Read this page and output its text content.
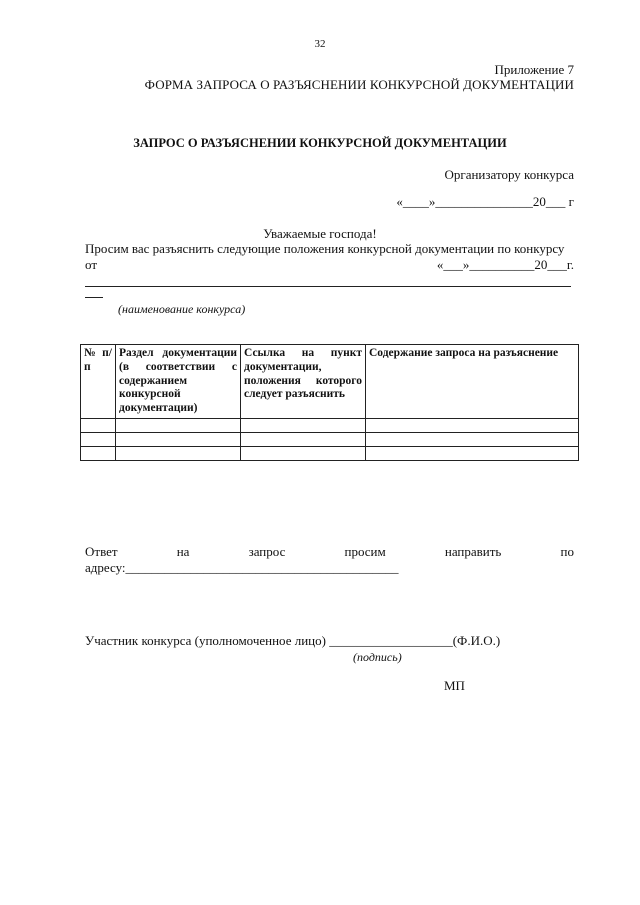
32
Приложение 7
ФОРМА ЗАПРОСА О РАЗЪЯСНЕНИИ КОНКУРСНОЙ ДОКУМЕНТАЦИИ
ЗАПРОС О РАЗЪЯСНЕНИИ КОНКУРСНОЙ ДОКУМЕНТАЦИИ
Организатору конкурса
«____»_______________20___ г
Уважаемые господа!
Просим вас разъяснить следующие положения конкурсной документации по конкурсу
от	«___»__________20___г.
(наименование конкурса)
№ п/п	Раздел документации (в соответствии с содержанием конкурсной документации)	Ссылка на пункт документации, положения которого следует разъяснить	Содержание запроса на разъяснение

Ответ	на	запрос	просим	направить	по
адресу:__________________________________________
Участник конкурса (уполномоченное лицо) ___________________(Ф.И.О.)
(подпись)
МП
